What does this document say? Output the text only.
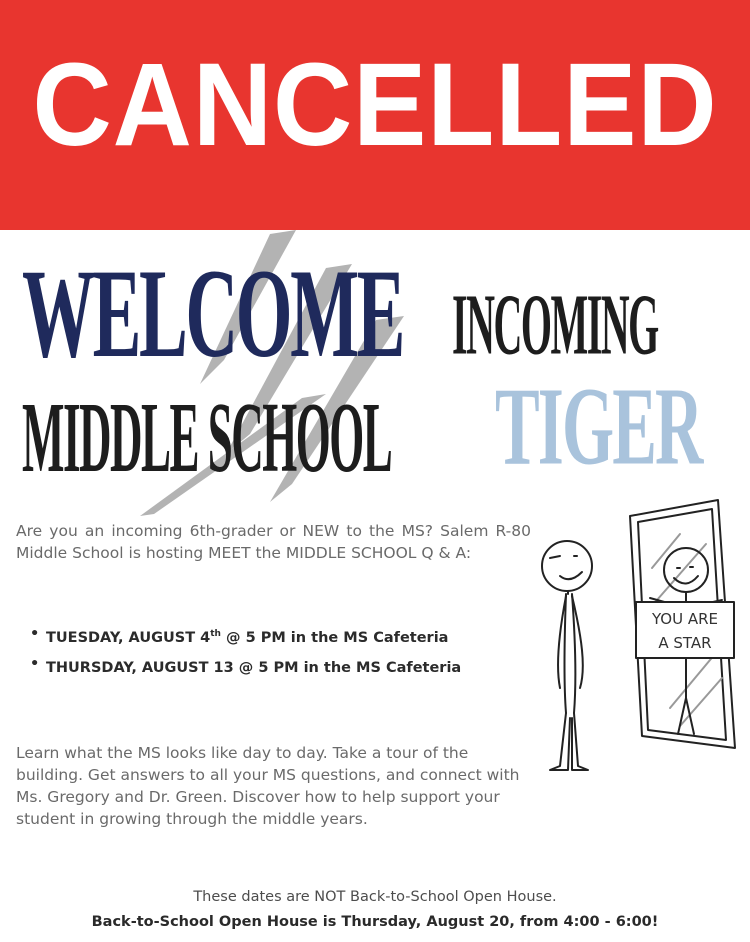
CANCELLED
WELCOME INCOMING
MIDDLE SCHOOL TIGER
Are you an incoming 6th-grader or NEW to the MS? Salem R-80 Middle School is hosting MEET the MIDDLE SCHOOL Q & A:
• TUESDAY, AUGUST 4th @ 5 PM in the MS Cafeteria
• THURSDAY, AUGUST 13 @ 5 PM in the MS Cafeteria
Learn what the MS looks like day to day. Take a tour of the building. Get answers to all your MS questions, and connect with Ms. Gregory and Dr. Green. Discover how to help support your student in growing through the middle years.
YOU ARE
A STAR
These dates are NOT Back-to-School Open House.
Back-to-School Open House is Thursday, August 20, from 4:00 - 6:00!
